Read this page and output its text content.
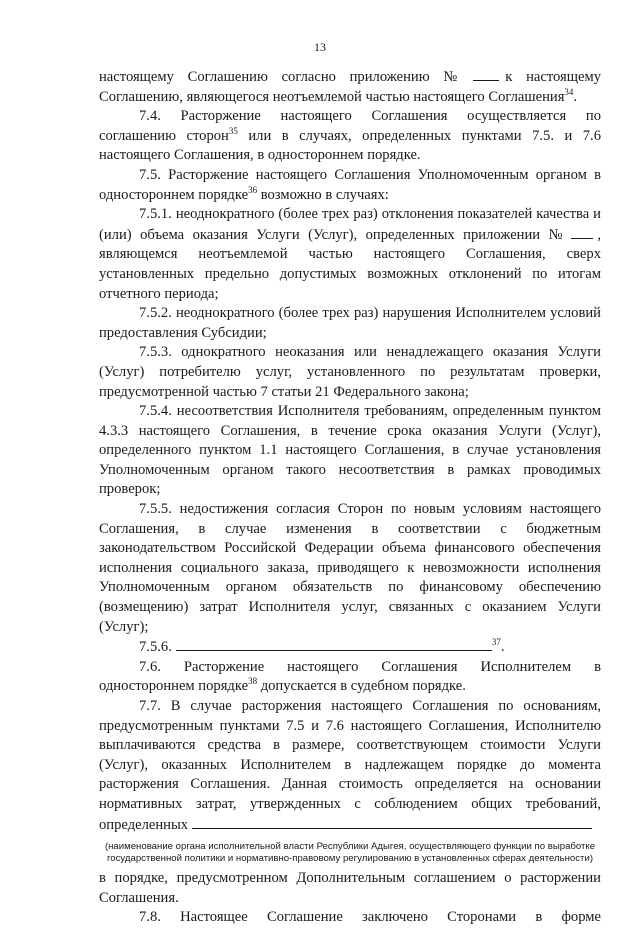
13

настоящему Соглашению согласно приложению №	к настоящему Соглашению, являющегося неотъемлемой частью настоящего Соглашения$^{34}$.

7.4. Расторжение настоящего Соглашения осуществляется по соглашению сторон$^{35}$ или в случаях, определенных пунктами 7.5. и 7.6 настоящего Соглашения, в одностороннем порядке.

7.5. Расторжение настоящего Соглашения Уполномоченным органом в одностороннем порядке$^{36}$ возможно в случаях:

7.5.1. неоднократного (более трех раз) отклонения показателей качества и (или) объема оказания Услуги (Услуг), определенных приложении № , являющемся неотъемлемой частью настоящего Соглашения, сверх установленных предельно допустимых возможных отклонений по итогам отчетного периода;

7.5.2. неоднократного (более трех раз) нарушения Исполнителем условий предоставления Субсидии;

7.5.3. однократного неоказания или ненадлежащего оказания Услуги (Услуг) потребителю услуг, установленного по результатам проверки, предусмотренной частью 7 статьи 21 Федерального закона;

7.5.4. несоответствия Исполнителя требованиям, определенным пунктом 4.3.3 настоящего Соглашения, в течение срока оказания Услуги (Услуг), определенного пунктом 1.1 настоящего Соглашения, в случае установления Уполномоченным органом такого несоответствия в рамках проводимых проверок;

7.5.5. недостижения согласия Сторон по новым условиям настоящего Соглашения, в случае изменения в соответствии с бюджетным законодательством Российской Федерации объема финансового обеспечения исполнения социального заказа, приводящего к невозможности исполнения Уполномоченным органом обязательств по финансовому обеспечению (возмещению) затрат Исполнителя услуг, связанных с оказанием Услуги (Услуг);

7.5.6.	$^{37}$.

7.6. Расторжение настоящего Соглашения Исполнителем в одностороннем порядке$^{38}$ допускается в судебном порядке.

7.7. В случае расторжения настоящего Соглашения по основаниям, предусмотренным пунктами 7.5 и 7.6 настоящего Соглашения, Исполнителю выплачиваются средства в размере, соответствующем стоимости Услуги (Услуг), оказанных Исполнителем в надлежащем порядке до момента расторжения Соглашения. Данная стоимость определяется на основании нормативных затрат, утвержденных с соблюдением общих требований, определенных

(наименование органа исполнительной власти Республики Адыгея, осуществляющего функции по выработке государственной политики и нормативно-правовому регулированию в установленных сферах деятельности)

в порядке, предусмотренном Дополнительным соглашением о расторжении Соглашения.

7.8. Настоящее Соглашение заключено Сторонами в форме
